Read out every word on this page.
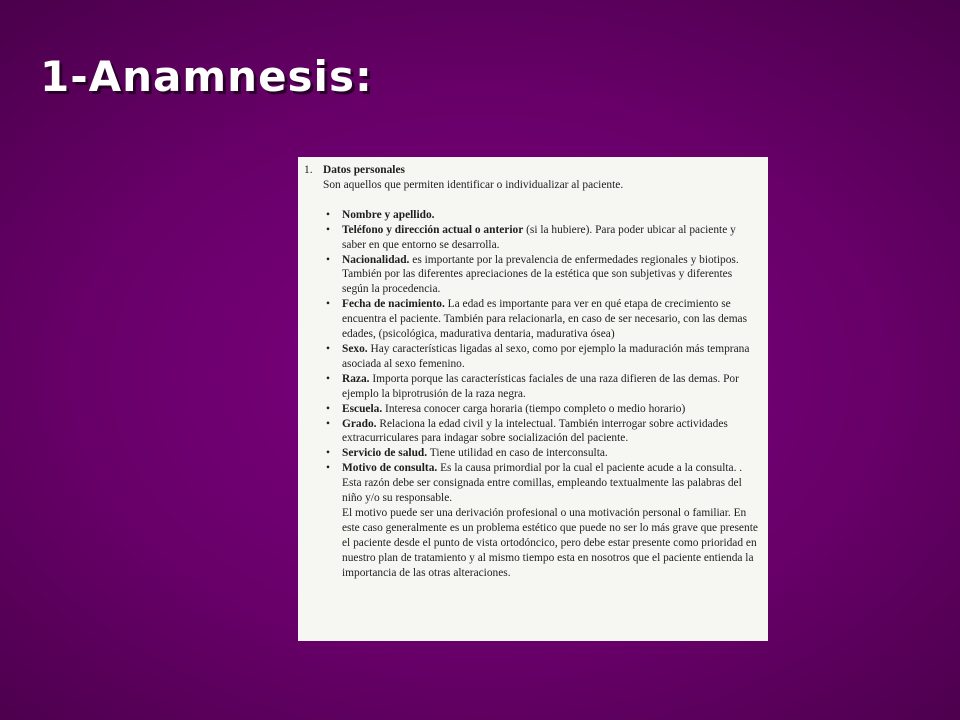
1-Anamnesis:
1. Datos personales
Son aquellos que permiten identificar o individualizar al paciente.
• Nombre y apellido.
• Teléfono y dirección actual o anterior (si la hubiere). Para poder ubicar al paciente y saber en que entorno se desarrolla.
• Nacionalidad. es importante por la prevalencia de enfermedades regionales y biotipos. También por las diferentes apreciaciones de la estética que son subjetivas y diferentes según la procedencia.
• Fecha de nacimiento. La edad es importante para ver en qué etapa de crecimiento se encuentra el paciente. También para relacionarla, en caso de ser necesario, con las demas edades, (psicológica, madurativa dentaria, madurativa ósea)
• Sexo. Hay características ligadas al sexo, como por ejemplo la maduración más temprana asociada al sexo femenino.
• Raza. Importa porque las características faciales de una raza difieren de las demas. Por ejemplo la biprotrusión de la raza negra.
• Escuela. Interesa conocer carga horaria (tiempo completo o medio horario)
• Grado. Relaciona la edad civil y la intelectual. También interrogar sobre actividades extracurriculares para indagar sobre socialización del paciente.
• Servicio de salud. Tiene utilidad en caso de interconsulta.
• Motivo de consulta. Es la causa primordial por la cual el paciente acude a la consulta. . Esta razón debe ser consignada entre comillas, empleando textualmente las palabras del niño y/o su responsable.
El motivo puede ser una derivación profesional o una motivación personal o familiar. En este caso generalmente es un problema estético que puede no ser lo más grave que presente el paciente desde el punto de vista ortodóncico, pero debe estar presente como prioridad en nuestro plan de tratamiento y al mismo tiempo esta en nosotros que el paciente entienda la importancia de las otras alteraciones.
